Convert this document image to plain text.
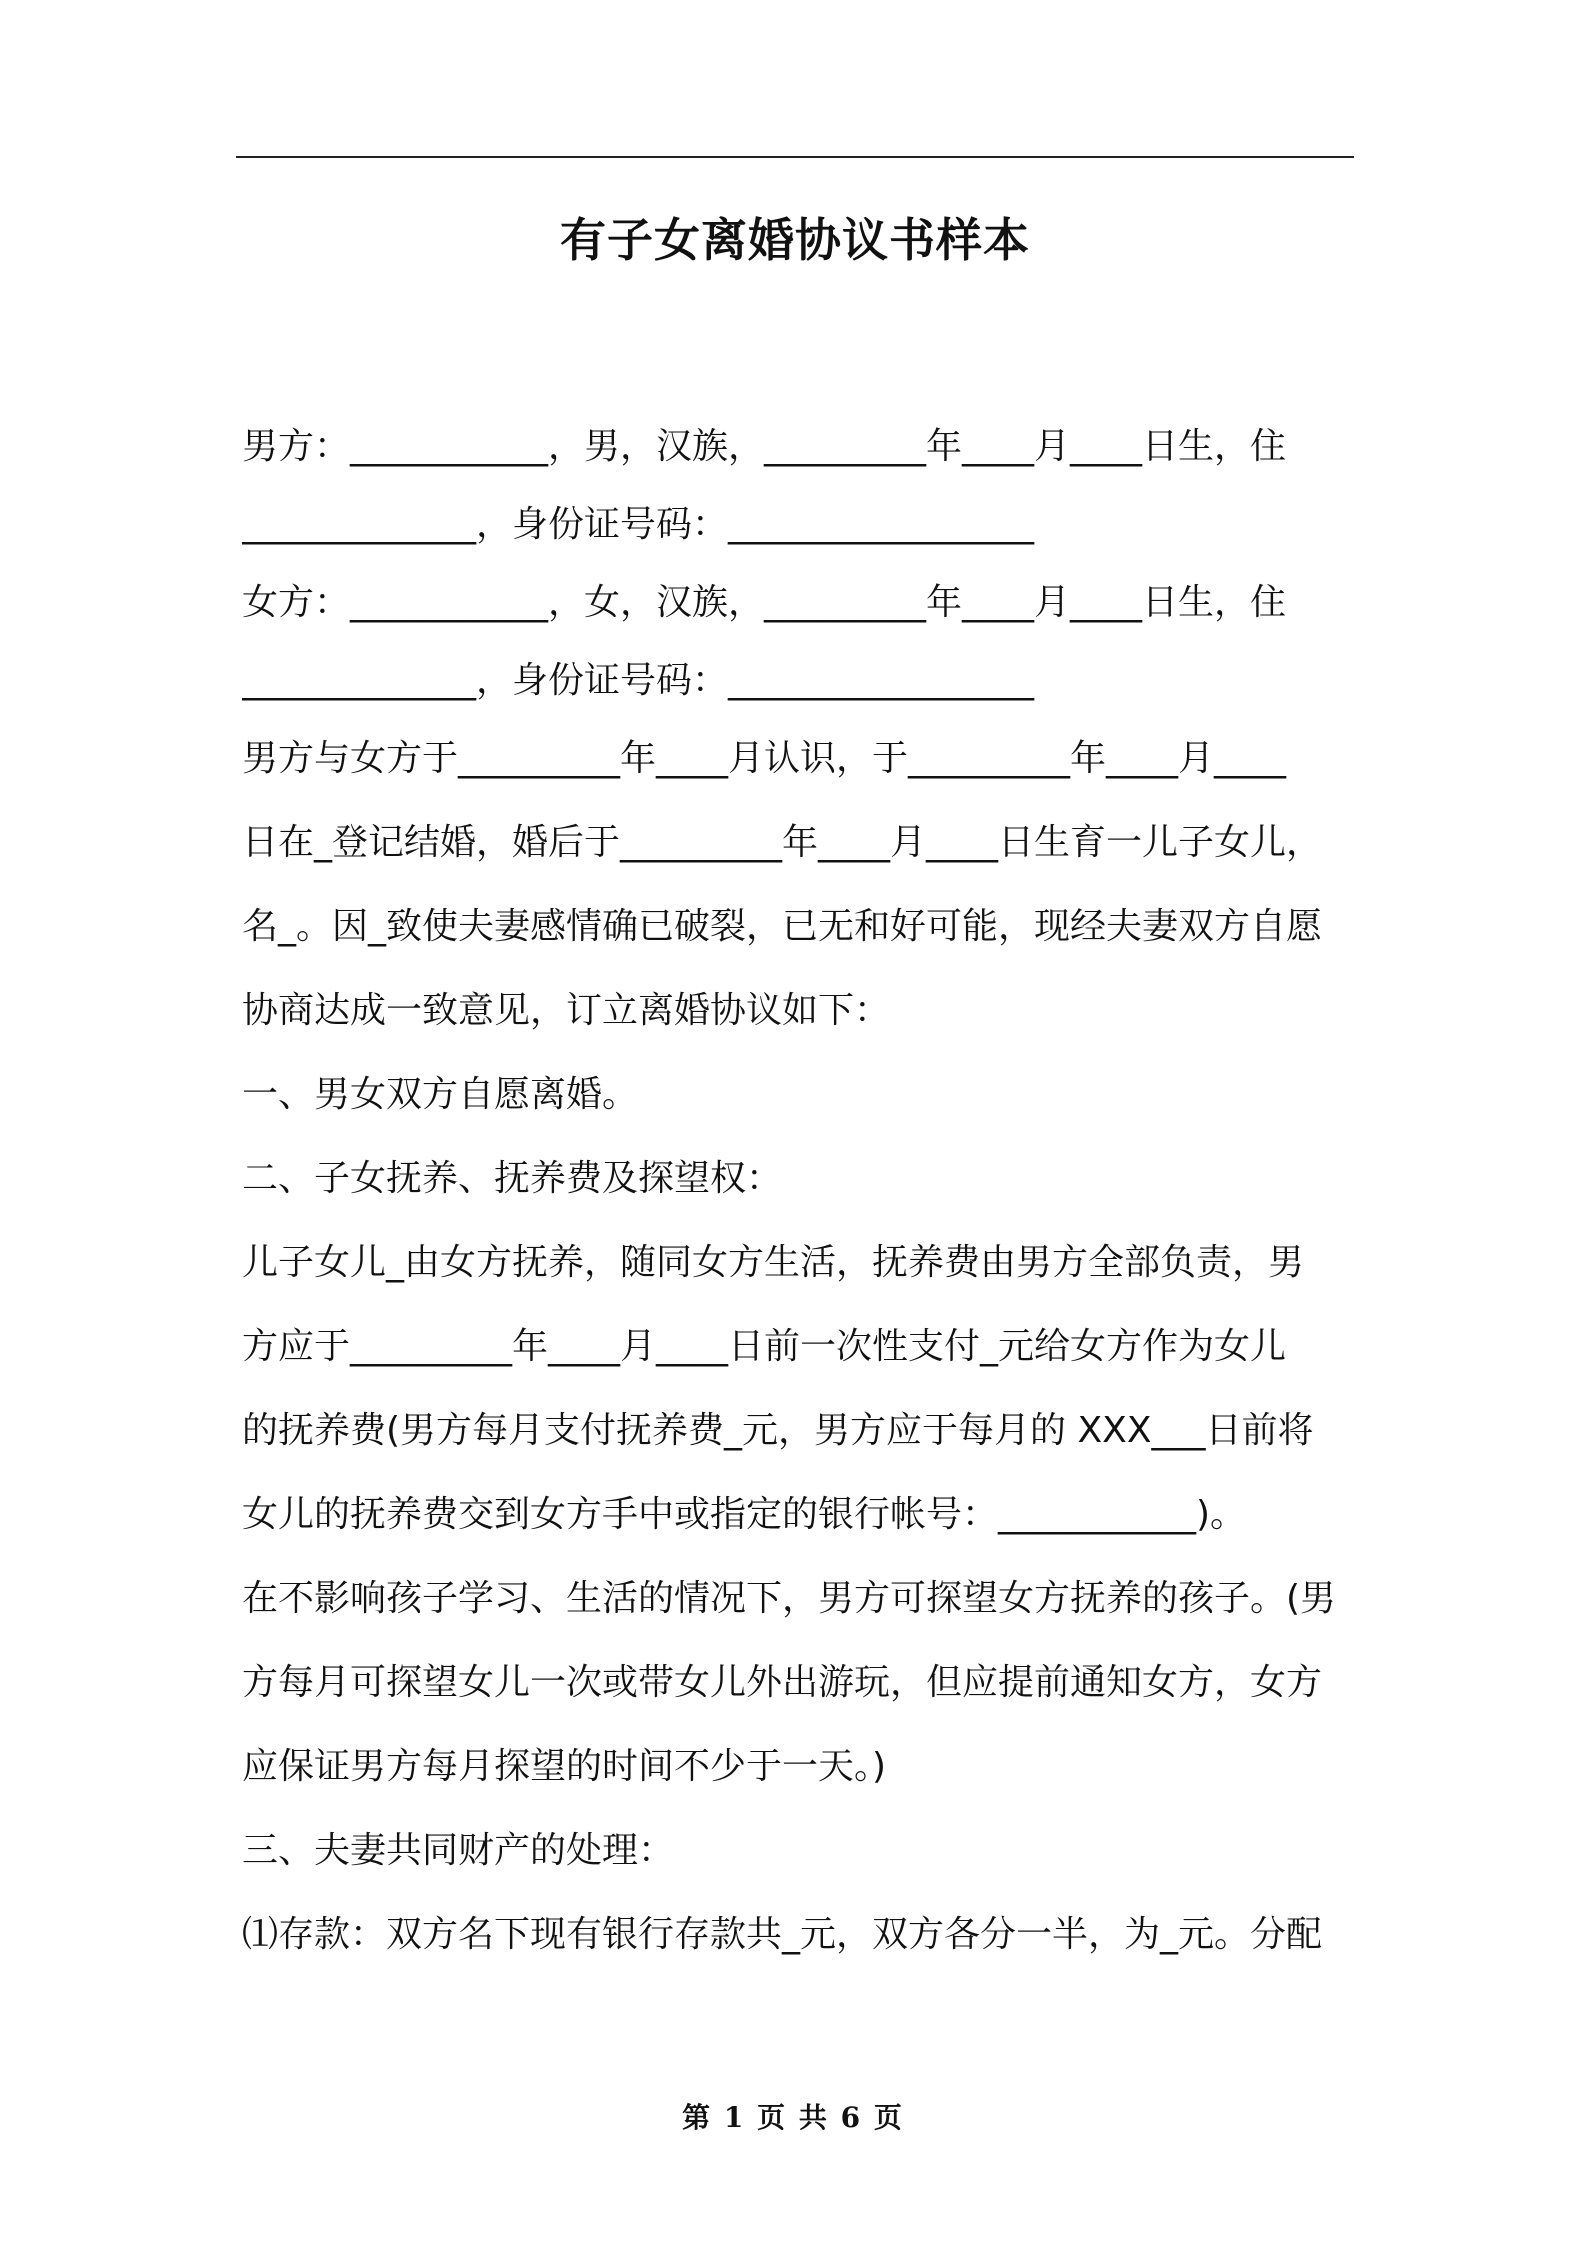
有子女离婚协议书样本
男方：___________，男，汉族，_________年____月____日生，住
_____________，身份证号码：_________________
女方：___________，女，汉族，_________年____月____日生，住
_____________，身份证号码：_________________
男方与女方于_________年____月认识，于_________年____月____
日在_登记结婚，婚后于_________年____月____日生育一儿子女儿，
名_。因_致使夫妻感情确已破裂，已无和好可能，现经夫妻双方自愿
协商达成一致意见，订立离婚协议如下：
一、男女双方自愿离婚。
二、子女抚养、抚养费及探望权：
儿子女儿_由女方抚养，随同女方生活，抚养费由男方全部负责，男
方应于_________年____月____日前一次性支付_元给女方作为女儿
的抚养费(男方每月支付抚养费_元，男方应于每月的 XXX___日前将
女儿的抚养费交到女方手中或指定的银行帐号：___________)。
在不影响孩子学习、生活的情况下，男方可探望女方抚养的孩子。(男
方每月可探望女儿一次或带女儿外出游玩，但应提前通知女方，女方
应保证男方每月探望的时间不少于一天。)
三、夫妻共同财产的处理：
⑴存款：双方名下现有银行存款共_元，双方各分一半，为_元。分配
第 1 页 共 6 页
